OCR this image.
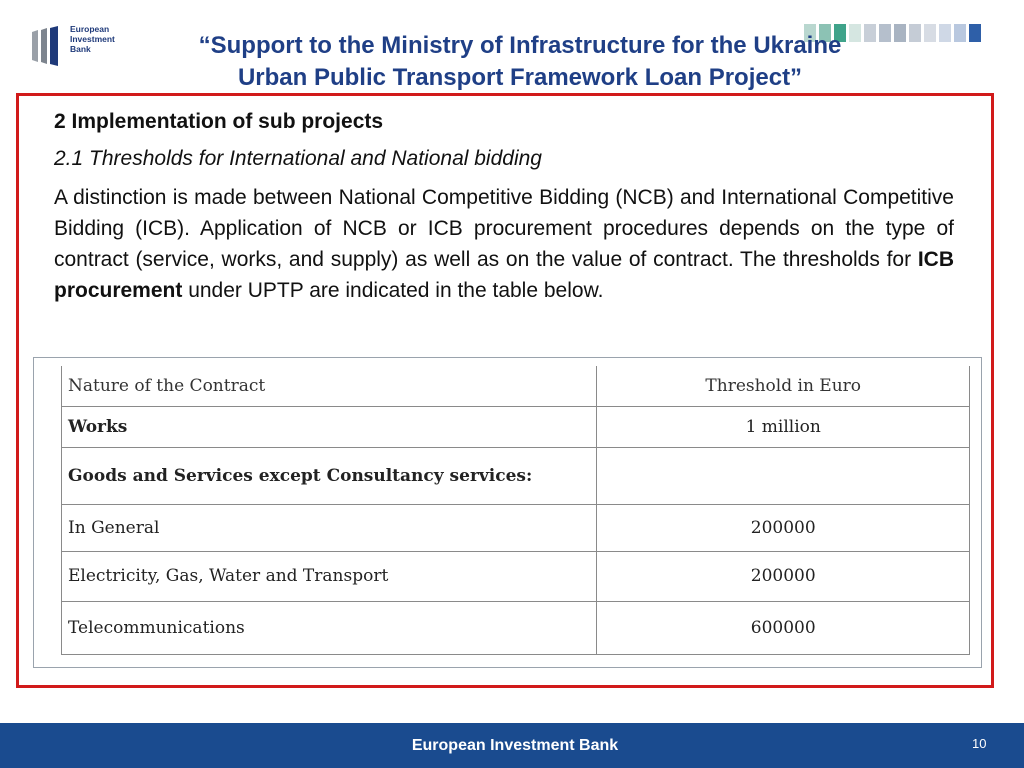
European
Investment
Bank	“Support to the Ministry of Infrastructure for the Ukraine
Urban Public Transport Framework Loan Project”
2 Implementation of sub projects
2.1 Thresholds for International and National bidding
A distinction is made between National Competitive Bidding (NCB) and International Competitive Bidding (ICB). Application of NCB or ICB procurement procedures depends on the type of contract (service, works, and supply) as well as on the value of contract. The thresholds for ICB procurement under UPTP are indicated in the table below.
Nature of the Contract	Threshold in Euro
Works	1 million
Goods and Services except Consultancy services:	
In General	200000
Electricity, Gas, Water and Transport	200000
Telecommunications	600000
European Investment Bank	10
